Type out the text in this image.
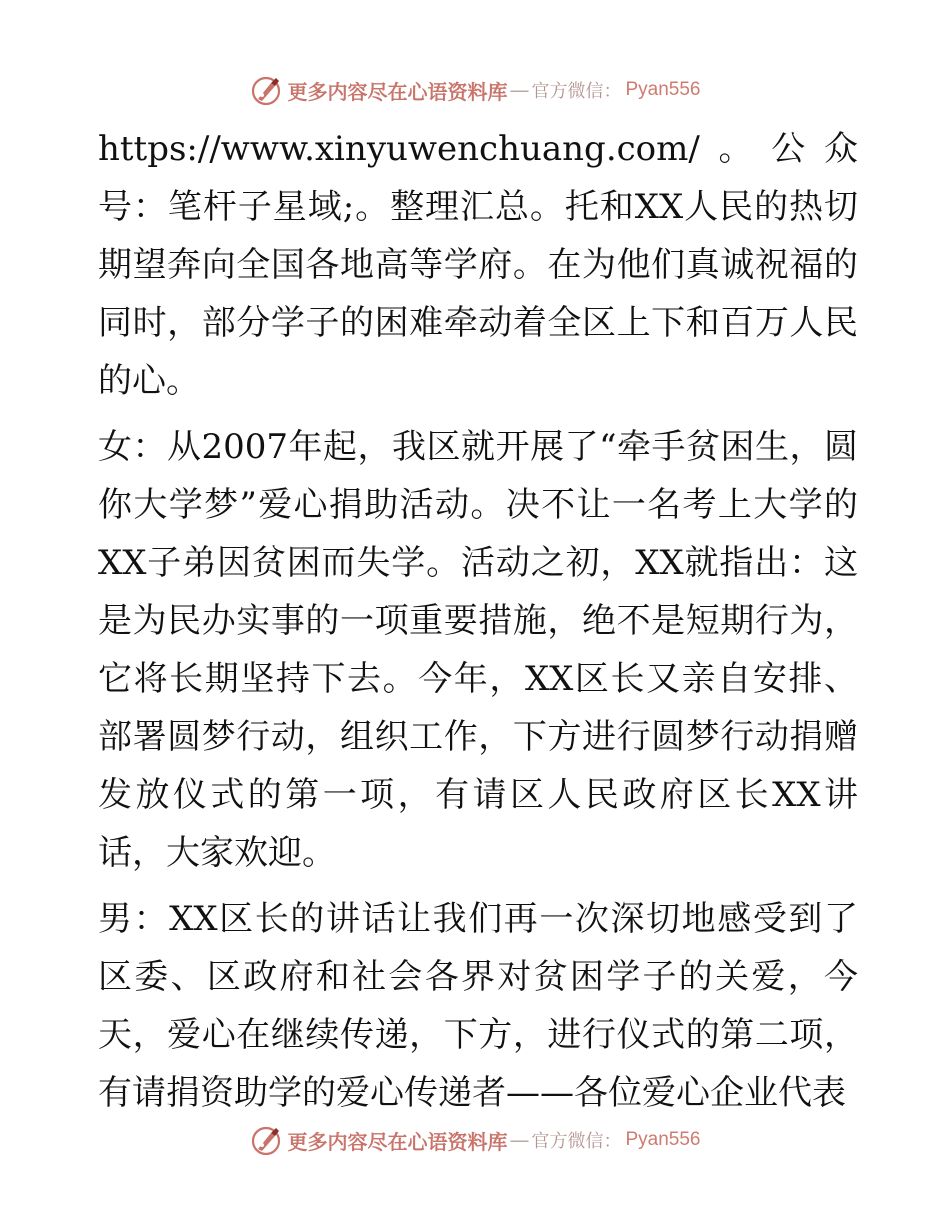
更多内容尽在心语资料库 — 官方微信： Pyan556

https://www.xinyuwenchuang.com/。公众号：笔杆子星域;。整理汇总。托和XX人民的热切期望奔向全国各地高等学府。在为他们真诚祝福的同时，部分学子的困难牵动着全区上下和百万人民的心。

女：从2007年起，我区就开展了“牵手贫困生，圆你大学梦”爱心捐助活动。决不让一名考上大学的XX子弟因贫困而失学。活动之初，XX就指出：这是为民办实事的一项重要措施，绝不是短期行为，它将长期坚持下去。今年，XX区长又亲自安排、部署圆梦行动，组织工作，下方进行圆梦行动捐赠发放仪式的第一项，有请区人民政府区长XX讲话，大家欢迎。

男：XX区长的讲话让我们再一次深切地感受到了区委、区政府和社会各界对贫困学子的关爱，今天，爱心在继续传递，下方，进行仪式的第二项，有请捐资助学的爱心传递者——各位爱心企业代表

更多内容尽在心语资料库 — 官方微信： Pyan556
